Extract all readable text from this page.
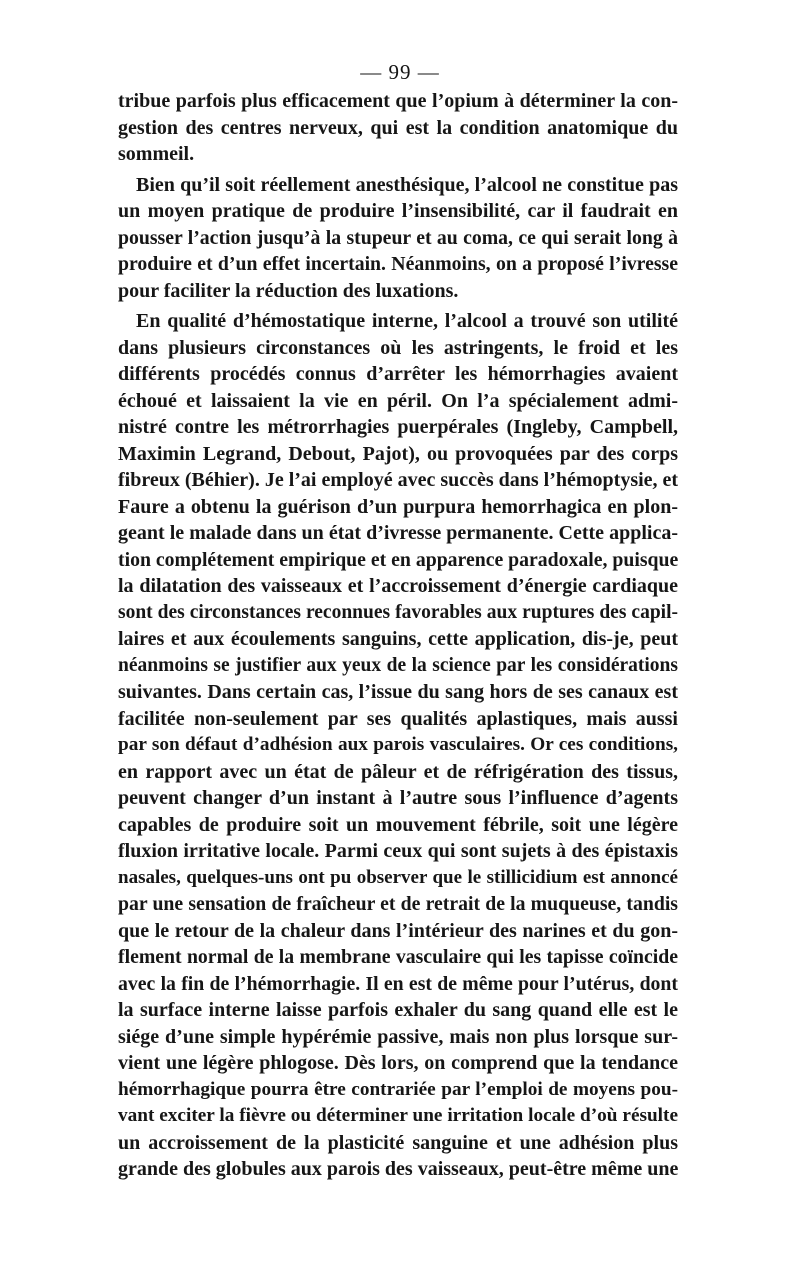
— 99 —
tribue parfois plus efficacement que l’opium à déterminer la con-
gestion des centres nerveux, qui est la condition anatomique du
sommeil.
Bien qu’il soit réellement anesthésique, l’alcool ne constitue pas
un moyen pratique de produire l’insensibilité, car il faudrait en
pousser l’action jusqu’à la stupeur et au coma, ce qui serait long à
produire et d’un effet incertain. Néanmoins, on a proposé l’ivresse
pour faciliter la réduction des luxations.
En qualité d’hémostatique interne, l’alcool a trouvé son utilité
dans plusieurs circonstances où les astringents, le froid et les
différents procédés connus d’arrêter les hémorrhagies avaient
échoué et laissaient la vie en péril. On l’a spécialement admi-
nistré contre les métrorrhagies puerpérales (Ingleby, Campbell,
Maximin Legrand, Debout, Pajot), ou provoquées par des corps
fibreux (Béhier). Je l’ai employé avec succès dans l’hémoptysie, et
Faure a obtenu la guérison d’un purpura hemorrhagica en plon-
geant le malade dans un état d’ivresse permanente. Cette applica-
tion complétement empirique et en apparence paradoxale, puisque
la dilatation des vaisseaux et l’accroissement d’énergie cardiaque
sont des circonstances reconnues favorables aux ruptures des capil-
laires et aux écoulements sanguins, cette application, dis-je, peut
néanmoins se justifier aux yeux de la science par les considérations
suivantes. Dans certain cas, l’issue du sang hors de ses canaux est
facilitée non-seulement par ses qualités aplastiques, mais aussi
par son défaut d’adhésion aux parois vasculaires. Or ces conditions,
en rapport avec un état de pâleur et de réfrigération des tissus,
peuvent changer d’un instant à l’autre sous l’influence d’agents
capables de produire soit un mouvement fébrile, soit une légère
fluxion irritative locale. Parmi ceux qui sont sujets à des épistaxis
nasales, quelques-uns ont pu observer que le stillicidium est annoncé
par une sensation de fraîcheur et de retrait de la muqueuse, tandis
que le retour de la chaleur dans l’intérieur des narines et du gon-
flement normal de la membrane vasculaire qui les tapisse coïncide
avec la fin de l’hémorrhagie. Il en est de même pour l’utérus, dont
la surface interne laisse parfois exhaler du sang quand elle est le
siége d’une simple hypérémie passive, mais non plus lorsque sur-
vient une légère phlogose. Dès lors, on comprend que la tendance
hémorrhagique pourra être contrariée par l’emploi de moyens pou-
vant exciter la fièvre ou déterminer une irritation locale d’où résulte
un accroissement de la plasticité sanguine et une adhésion plus
grande des globules aux parois des vaisseaux, peut-être même une
